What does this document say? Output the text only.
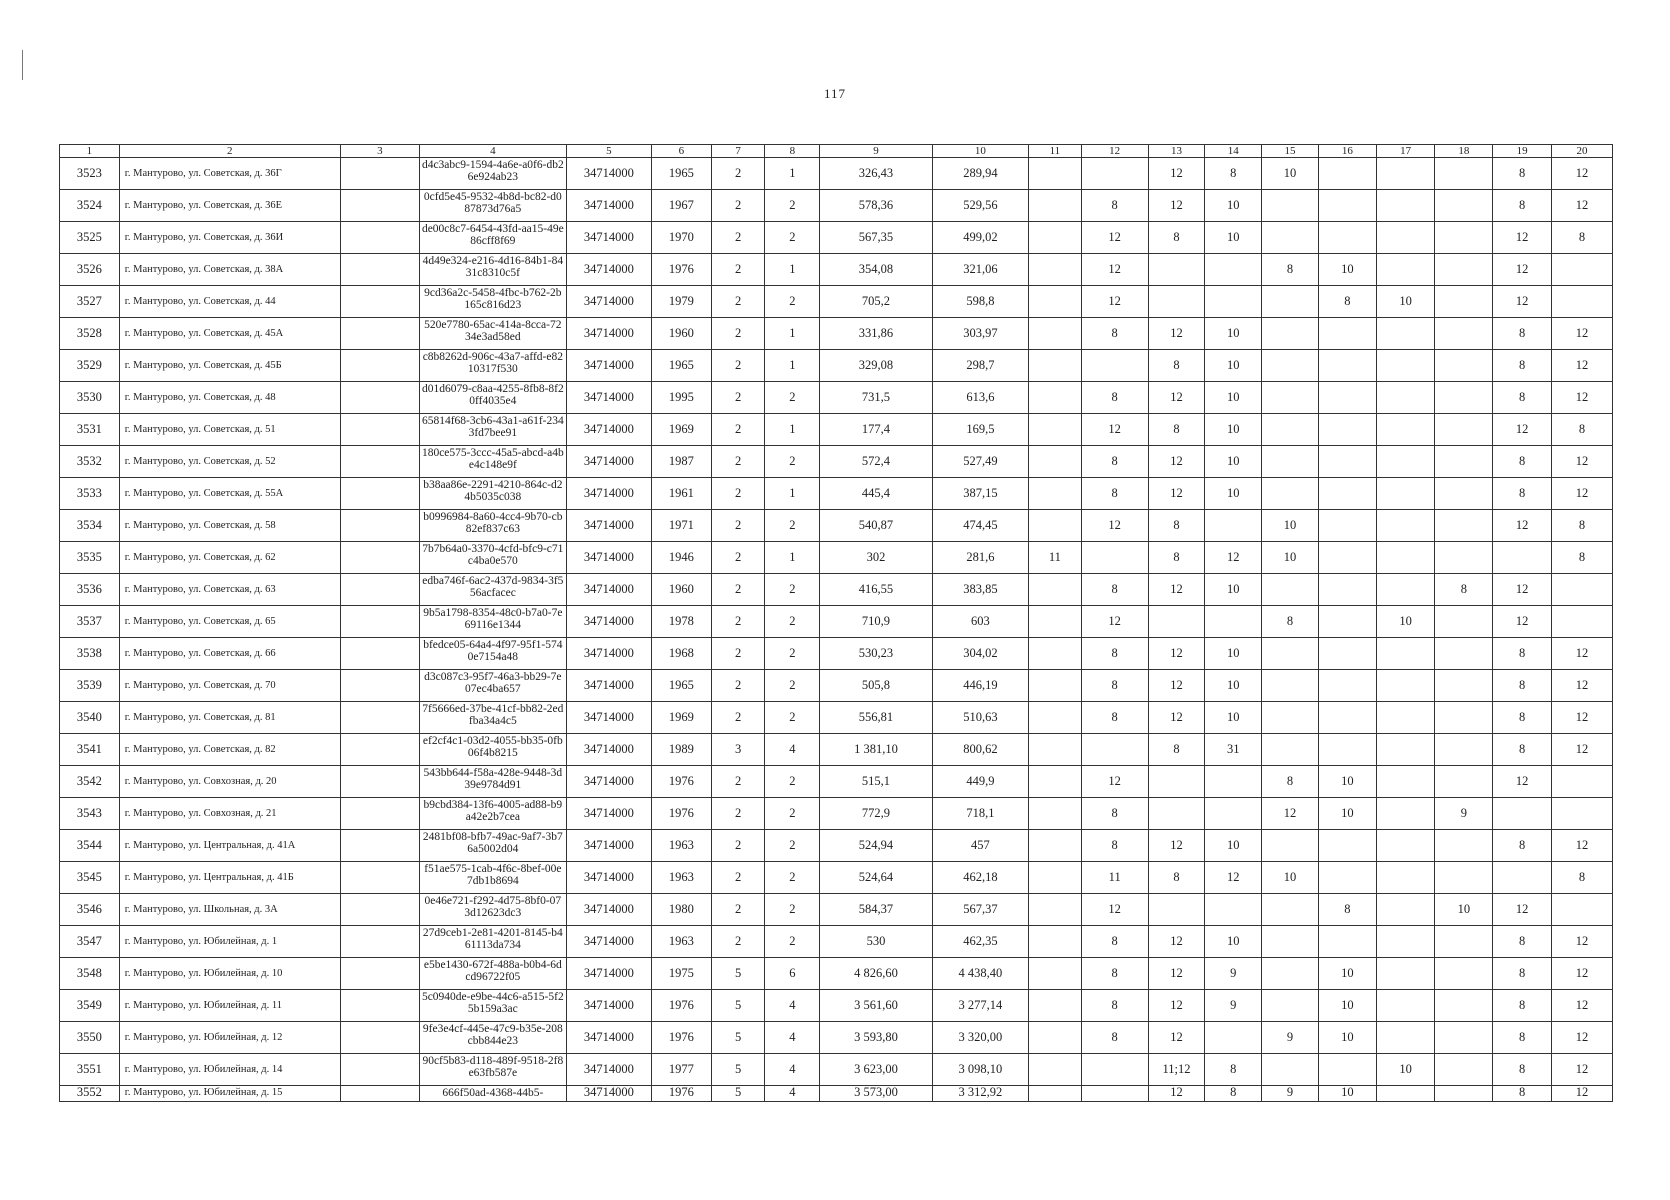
117
1	2	3	4	5	6	7	8	9	10	11	12	13	14	15	16	17	18	19	20
3523	г. Мантурово, ул. Советская, д. 36Г		d4c3abc9-1594-4a6e-a0f6-db26e924ab23	34714000	1965	2	1	326,43	289,94			12	8	10				8	12
3524	г. Мантурово, ул. Советская, д. 36Е		0cfd5e45-9532-4b8d-bc82-d087873d76a5	34714000	1967	2	2	578,36	529,56		8	12	10					8	12
3525	г. Мантурово, ул. Советская, д. 36И		de00c8c7-6454-43fd-aa15-49e86cff8f69	34714000	1970	2	2	567,35	499,02		12	8	10					12	8
3526	г. Мантурово, ул. Советская, д. 38А		4d49e324-e216-4d16-84b1-8431c8310c5f	34714000	1976	2	1	354,08	321,06		12			8	10			12	
3527	г. Мантурово, ул. Советская, д. 44		9cd36a2c-5458-4fbc-b762-2b165c816d23	34714000	1979	2	2	705,2	598,8		12				8	10		12	
3528	г. Мантурово, ул. Советская, д. 45А		520e7780-65ac-414a-8cca-7234e3ad58ed	34714000	1960	2	1	331,86	303,97		8	12	10					8	12
3529	г. Мантурово, ул. Советская, д. 45Б		c8b8262d-906c-43a7-affd-e8210317f530	34714000	1965	2	1	329,08	298,7			8	10					8	12
3530	г. Мантурово, ул. Советская, д. 48		d01d6079-c8aa-4255-8fb8-8f20ff4035e4	34714000	1995	2	2	731,5	613,6		8	12	10					8	12
3531	г. Мантурово, ул. Советская, д. 51		65814f68-3cb6-43a1-a61f-2343fd7bee91	34714000	1969	2	1	177,4	169,5		12	8	10					12	8
3532	г. Мантурово, ул. Советская, д. 52		180ce575-3ccc-45a5-abcd-a4be4c148e9f	34714000	1987	2	2	572,4	527,49		8	12	10					8	12
3533	г. Мантурово, ул. Советская, д. 55А		b38aa86e-2291-4210-864c-d24b5035c038	34714000	1961	2	1	445,4	387,15		8	12	10					8	12
3534	г. Мантурово, ул. Советская, д. 58		b0996984-8a60-4cc4-9b70-cb82ef837c63	34714000	1971	2	2	540,87	474,45		12	8		10				12	8
3535	г. Мантурово, ул. Советская, д. 62		7b7b64a0-3370-4cfd-bfc9-c71c4ba0e570	34714000	1946	2	1	302	281,6	11		8	12	10					8
3536	г. Мантурово, ул. Советская, д. 63		edba746f-6ac2-437d-9834-3f556acfacec	34714000	1960	2	2	416,55	383,85		8	12	10				8	12	
3537	г. Мантурово, ул. Советская, д. 65		9b5a1798-8354-48c0-b7a0-7e69116e1344	34714000	1978	2	2	710,9	603		12			8		10		12	
3538	г. Мантурово, ул. Советская, д. 66		bfedce05-64a4-4f97-95f1-5740e7154a48	34714000	1968	2	2	530,23	304,02		8	12	10					8	12
3539	г. Мантурово, ул. Советская, д. 70		d3c087c3-95f7-46a3-bb29-7e07ec4ba657	34714000	1965	2	2	505,8	446,19		8	12	10					8	12
3540	г. Мантурово, ул. Советская, д. 81		7f5666ed-37be-41cf-bb82-2edfba34a4c5	34714000	1969	2	2	556,81	510,63		8	12	10					8	12
3541	г. Мантурово, ул. Советская, д. 82		ef2cf4c1-03d2-4055-bb35-0fb06f4b8215	34714000	1989	3	4	1 381,10	800,62			8	31					8	12
3542	г. Мантурово, ул. Совхозная, д. 20		543bb644-f58a-428e-9448-3d39e9784d91	34714000	1976	2	2	515,1	449,9		12			8	10			12	
3543	г. Мантурово, ул. Совхозная, д. 21		b9cbd384-13f6-4005-ad88-b9a42e2b7cea	34714000	1976	2	2	772,9	718,1		8			12	10		9		
3544	г. Мантурово, ул. Центральная, д. 41А		2481bf08-bfb7-49ac-9af7-3b76a5002d04	34714000	1963	2	2	524,94	457		8	12	10					8	12
3545	г. Мантурово, ул. Центральная, д. 41Б		f51ae575-1cab-4f6c-8bef-00e7db1b8694	34714000	1963	2	2	524,64	462,18		11	8	12	10					8
3546	г. Мантурово, ул. Школьная, д. 3А		0e46e721-f292-4d75-8bf0-073d12623dc3	34714000	1980	2	2	584,37	567,37		12				8		10	12	
3547	г. Мантурово, ул. Юбилейная, д. 1		27d9ceb1-2e81-4201-8145-b461113da734	34714000	1963	2	2	530	462,35		8	12	10					8	12
3548	г. Мантурово, ул. Юбилейная, д. 10		e5be1430-672f-488a-b0b4-6dcd96722f05	34714000	1975	5	6	4 826,60	4 438,40		8	12	9		10			8	12
3549	г. Мантурово, ул. Юбилейная, д. 11		5c0940de-e9be-44c6-a515-5f25b159a3ac	34714000	1976	5	4	3 561,60	3 277,14		8	12	9		10			8	12
3550	г. Мантурово, ул. Юбилейная, д. 12		9fe3e4cf-445e-47c9-b35e-208cbb844e23	34714000	1976	5	4	3 593,80	3 320,00		8	12		9	10			8	12
3551	г. Мантурово, ул. Юбилейная, д. 14		90cf5b83-d118-489f-9518-2f8e63fb587e	34714000	1977	5	4	3 623,00	3 098,10			11;12	8			10		8	12
3552	г. Мантурово, ул. Юбилейная, д. 15		666f50ad-4368-44b5-	34714000	1976	5	4	3 573,00	3 312,92			12	8	9	10			8	12
